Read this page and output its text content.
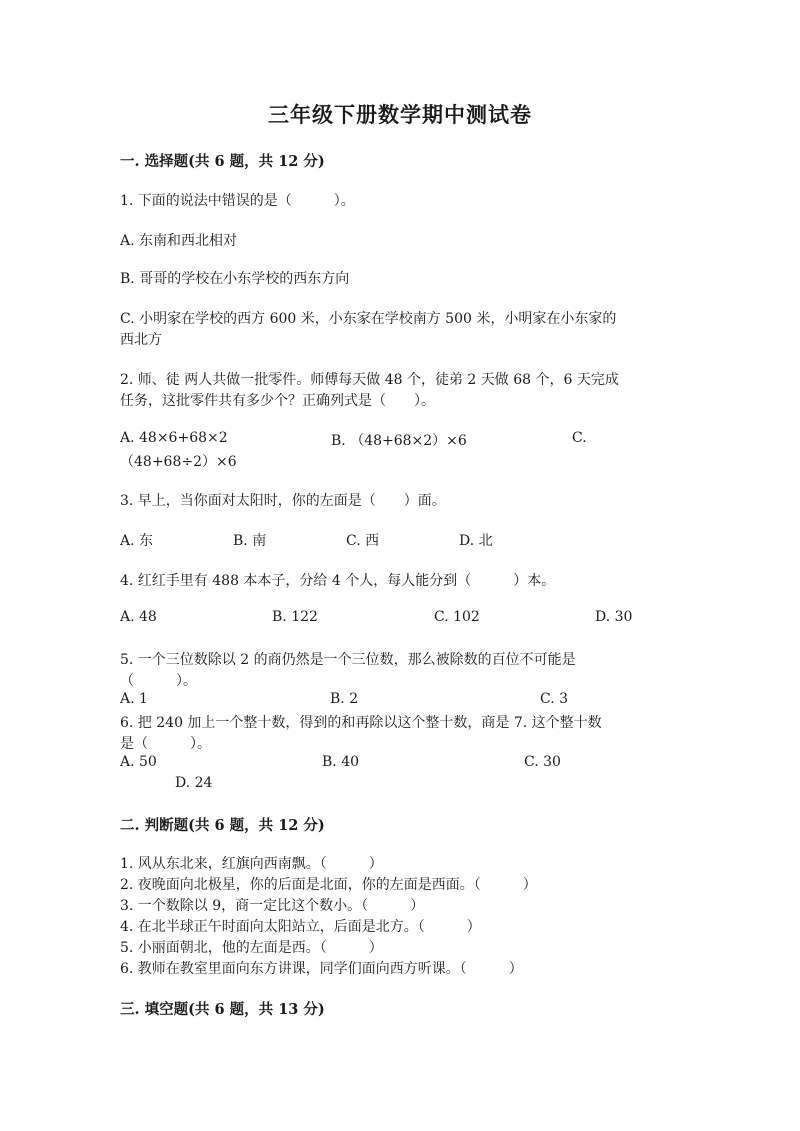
三年级下册数学期中测试卷
一. 选择题(共 6 题，共 12 分)
1. 下面的说法中错误的是（　　　）。
A. 东南和西北相对
B. 哥哥的学校在小东学校的西东方向
C. 小明家在学校的西方 600 米，小东家在学校南方 500 米，小明家在小东家的
西北方
2. 师、徒 两人共做一批零件。师傅每天做 48 个，徒弟 2 天做 68 个，6 天完成
任务，这批零件共有多少个？正确列式是（　　）。
A. 48×6+68×2	B. （48+68×2）×6	C.
（48+68÷2）×6
3. 早上，当你面对太阳时，你的左面是（　　）面。
A. 东	B. 南	C. 西	D. 北
4. 红红手里有 488 本本子，分给 4 个人，每人能分到（　　　）本。
A. 48	B. 122	C. 102	D. 30
5. 一个三位数除以 2 的商仍然是一个三位数，那么被除数的百位不可能是
（　　　）。
A. 1	B. 2	C. 3
6. 把 240 加上一个整十数，得到的和再除以这个整十数，商是 7. 这个整十数
是（　　　）。
A. 50	B. 40	C. 30
D. 24
二. 判断题(共 6 题，共 12 分)
1. 风从东北来，红旗向西南飘。（　　　）
2. 夜晚面向北极星，你的后面是北面，你的左面是西面。（　　　）
3. 一个数除以 9，商一定比这个数小。（　　　）
4. 在北半球正午时面向太阳站立，后面是北方。（　　　）
5. 小丽面朝北，他的左面是西。（　　　）
6. 教师在教室里面向东方讲课，同学们面向西方听课。（　　　）
三. 填空题(共 6 题，共 13 分)
